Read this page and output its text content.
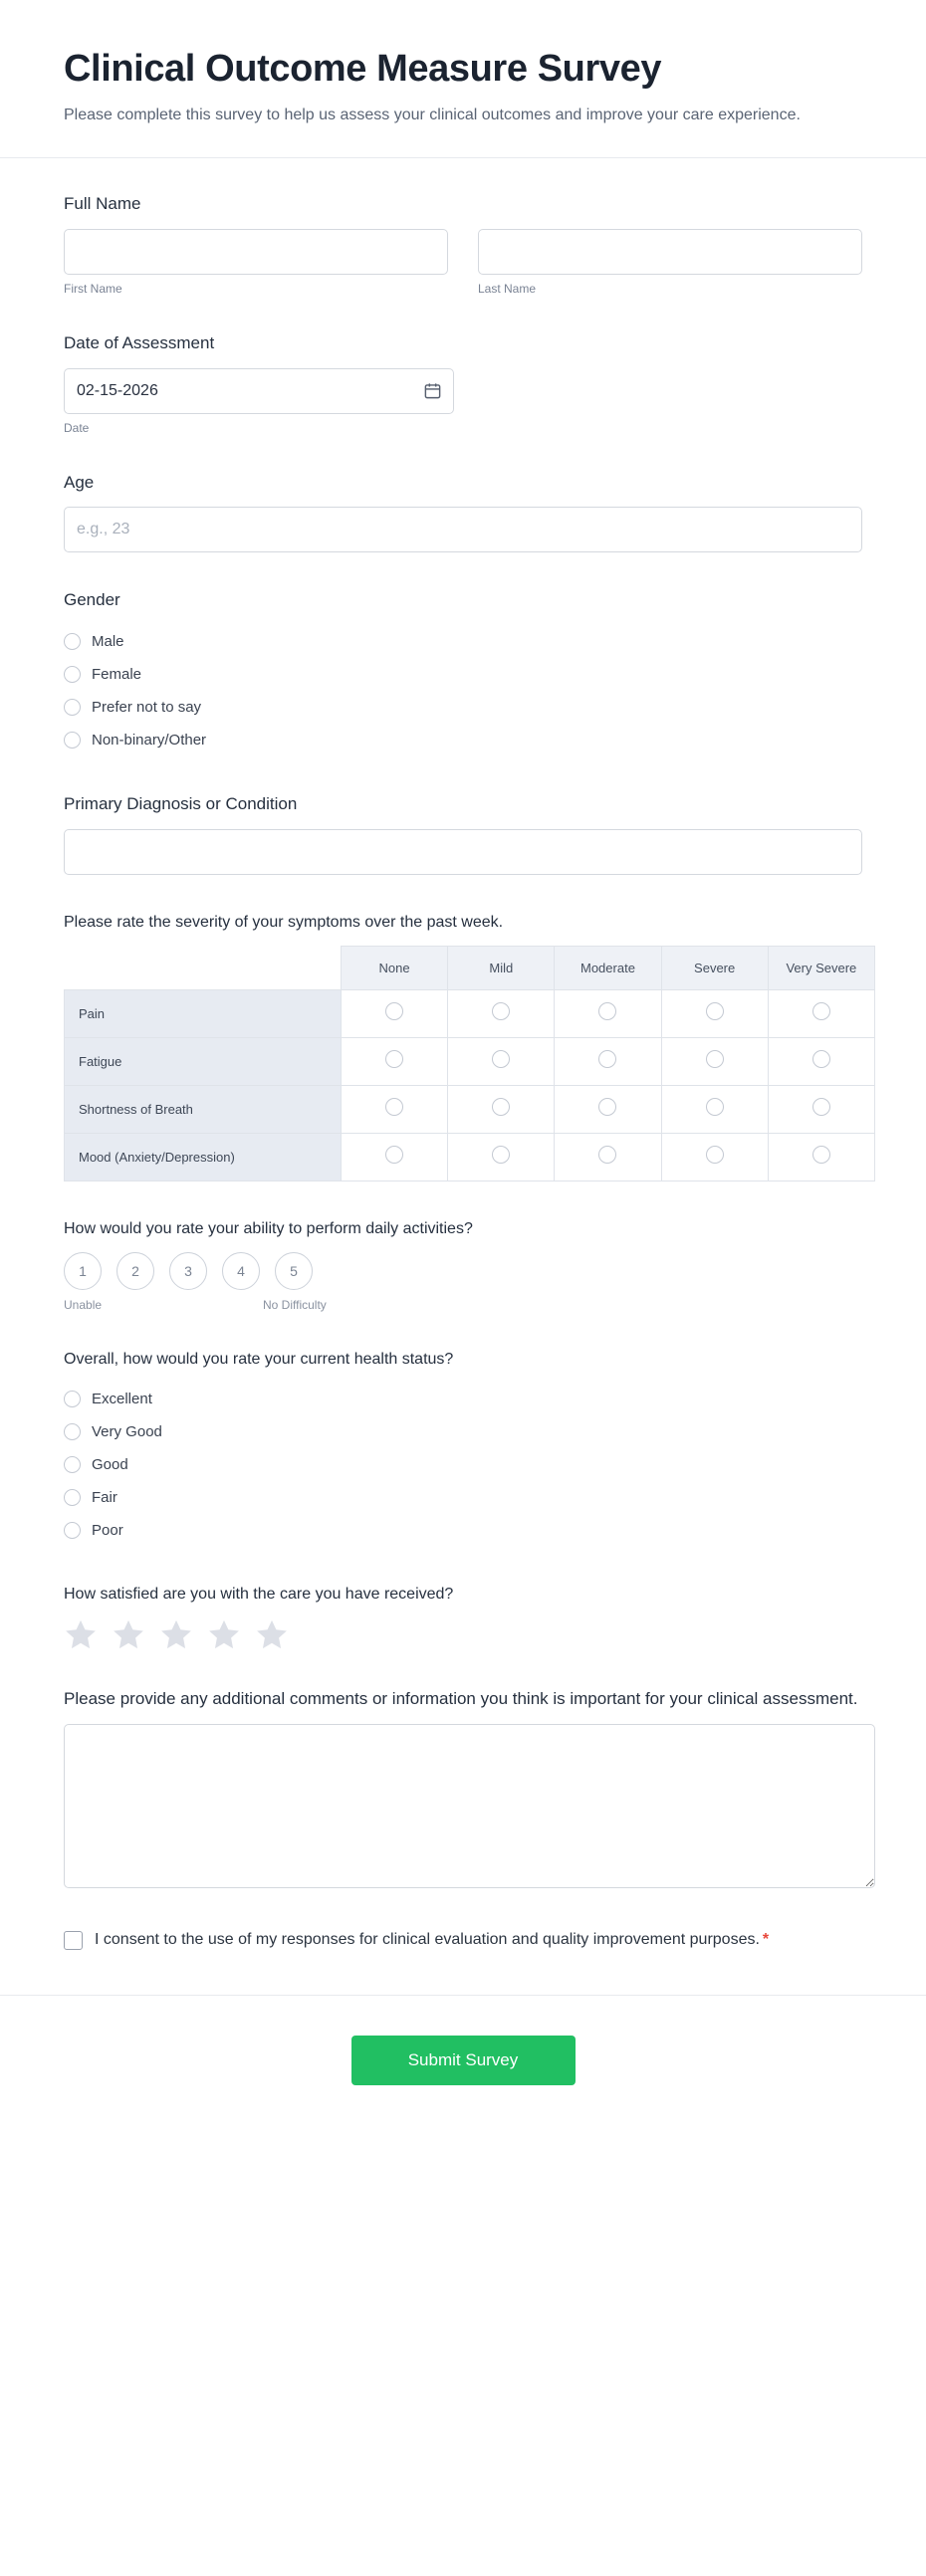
Clinical Outcome Measure Survey

Please complete this survey to help us assess your clinical outcomes and improve your care experience.

Full Name
First Name	Last Name
Date of Assessment
02-15-2026
Date
Age
e.g., 23
Gender
Male
Female
Prefer not to say
Non-binary/Other
Primary Diagnosis or Condition
Please rate the severity of your symptoms over the past week.
	None	Mild	Moderate	Severe	Very Severe
Pain					
Fatigue					
Shortness of Breath					
Mood (Anxiety/Depression)					
How would you rate your ability to perform daily activities?
1	2	3	4	5
Unable	No Difficulty
Overall, how would you rate your current health status?
Excellent
Very Good
Good
Fair
Poor
How satisfied are you with the care you have received?
Please provide any additional comments or information you think is important for your clinical assessment.
I consent to the use of my responses for clinical evaluation and quality improvement purposes. *
Submit Survey
